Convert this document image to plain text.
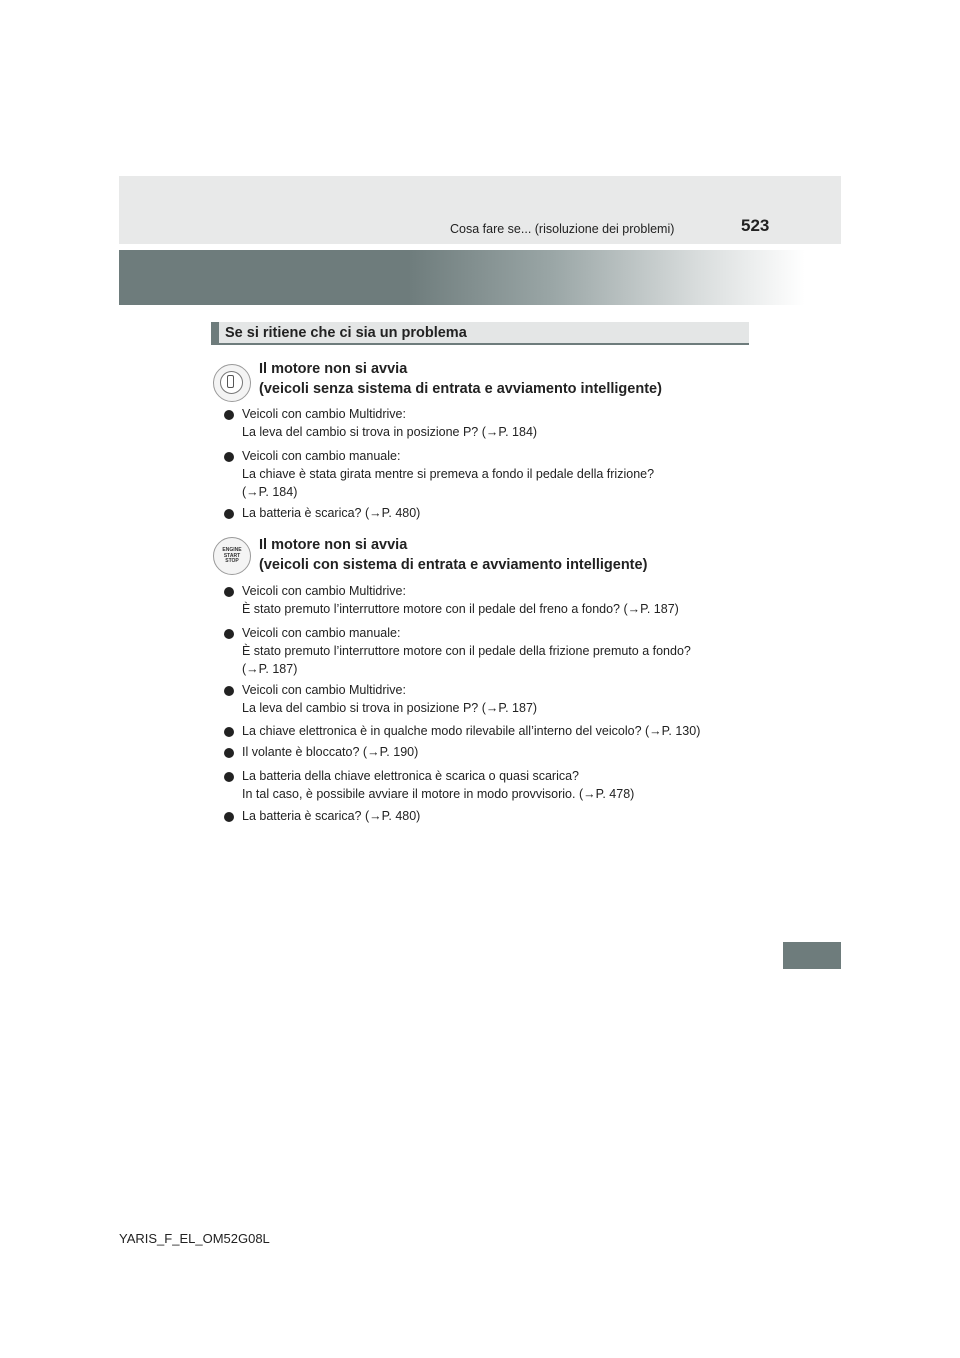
Cosa fare se... (risoluzione dei problemi)	523
Se si ritiene che ci sia un problema
Il motore non si avvia
(veicoli senza sistema di entrata e avviamento intelligente)
Veicoli con cambio Multidrive:
La leva del cambio si trova in posizione P? (→P. 184)
Veicoli con cambio manuale:
La chiave è stata girata mentre si premeva a fondo il pedale della frizione?
(→P. 184)
La batteria è scarica? (→P. 480)
ENGINE
START
STOP
Il motore non si avvia
(veicoli con sistema di entrata e avviamento intelligente)
Veicoli con cambio Multidrive:
È stato premuto l’interruttore motore con il pedale del freno a fondo? (→P. 187)
Veicoli con cambio manuale:
È stato premuto l’interruttore motore con il pedale della frizione premuto a fondo?
(→P. 187)
Veicoli con cambio Multidrive:
La leva del cambio si trova in posizione P? (→P. 187)
La chiave elettronica è in qualche modo rilevabile all’interno del veicolo? (→P. 130)
Il volante è bloccato? (→P. 190)
La batteria della chiave elettronica è scarica o quasi scarica?
In tal caso, è possibile avviare il motore in modo provvisorio. (→P. 478)
La batteria è scarica? (→P. 480)
YARIS_F_EL_OM52G08L
